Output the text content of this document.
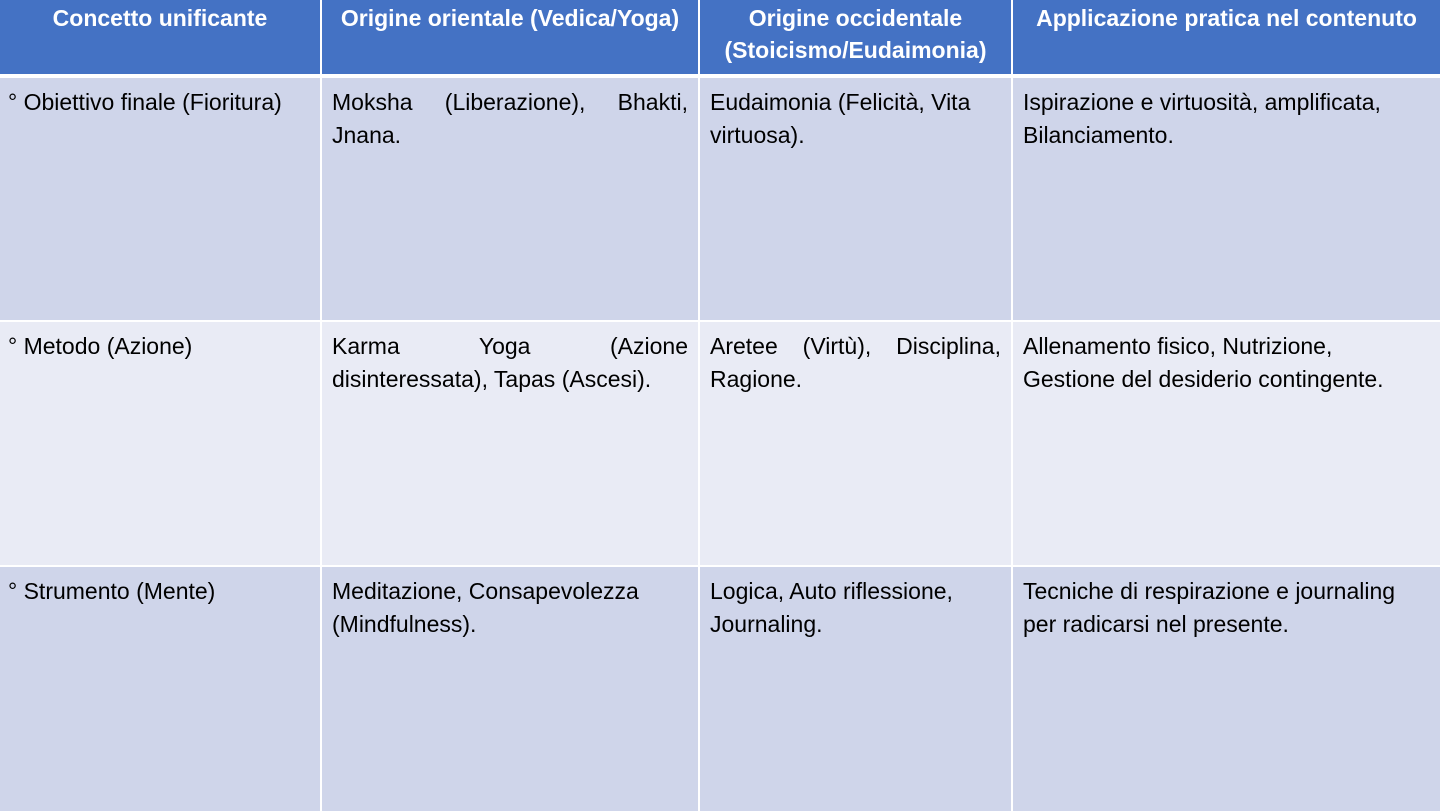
Concetto unificante	Origine orientale (Vedica/Yoga)	Origine occidentale (Stoicismo/Eudaimonia)	Applicazione pratica nel contenuto
° Obiettivo finale (Fioritura)	Moksha (Liberazione), Bhakti, Jnana.	Eudaimonia (Felicità, Vita virtuosa).	Ispirazione e virtuosità, amplificata, Bilanciamento.
° Metodo (Azione)	Karma Yoga (Azione disinteressata), Tapas (Ascesi).	Aretee (Virtù), Disciplina, Ragione.	Allenamento fisico, Nutrizione, Gestione del desiderio contingente.
° Strumento (Mente)	Meditazione, Consapevolezza (Mindfulness).	Logica, Auto riflessione, Journaling.	Tecniche di respirazione e journaling per radicarsi nel presente.
